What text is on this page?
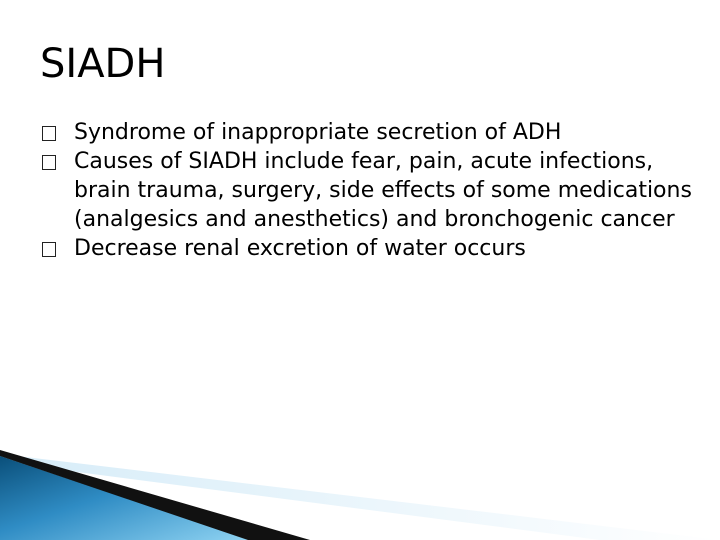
SIADH
Syndrome of inappropriate secretion of ADH
Causes of SIADH include fear, pain, acute infections, brain trauma, surgery, side effects of some medications (analgesics and anesthetics) and bronchogenic cancer
Decrease renal excretion of water occurs
